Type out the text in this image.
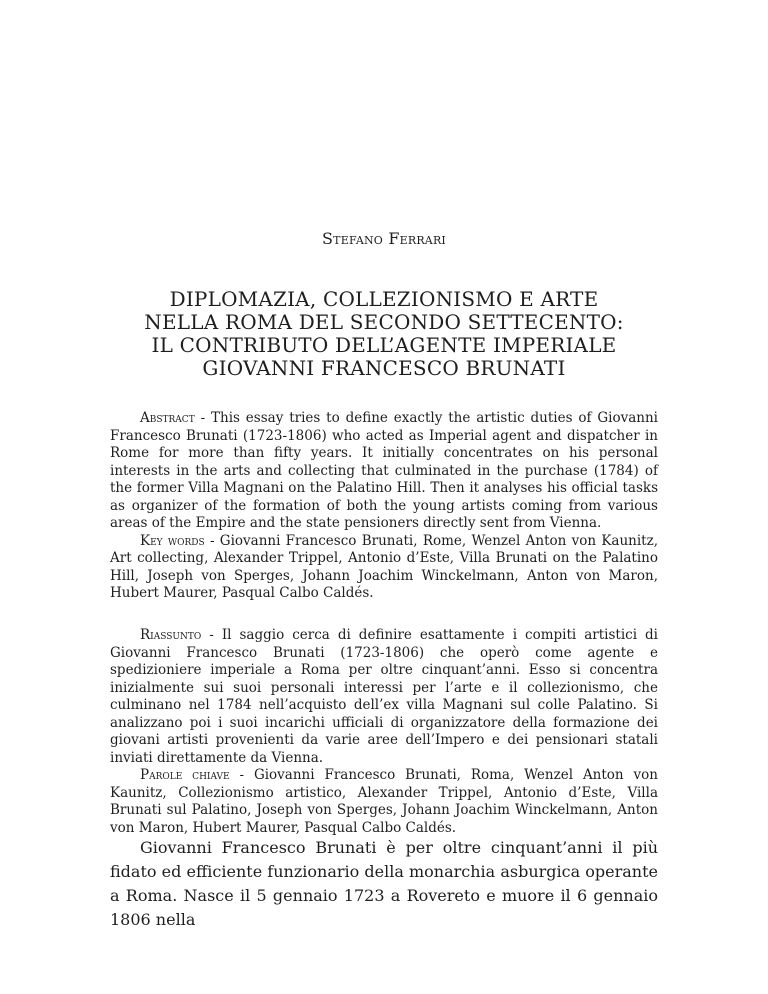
Stefano Ferrari
DIPLOMAZIA, COLLEZIONISMO E ARTE
NELLA ROMA DEL SECONDO SETTECENTO:
IL CONTRIBUTO DELL’AGENTE IMPERIALE
GIOVANNI FRANCESCO BRUNATI

Abstract - This essay tries to define exactly the artistic duties of Giovanni Francesco Brunati (1723-1806) who acted as Imperial agent and dispatcher in Rome for more than fifty years. It initially concentrates on his personal interests in the arts and collecting that culminated in the purchase (1784) of the former Villa Magnani on the Palatino Hill. Then it analyses his official tasks as organizer of the formation of both the young artists coming from various areas of the Empire and the state pensioners directly sent from Vienna.

Key words - Giovanni Francesco Brunati, Rome, Wenzel Anton von Kaunitz, Art collecting, Alexander Trippel, Antonio d’Este, Villa Brunati on the Palatino Hill, Joseph von Sperges, Johann Joachim Winckelmann, Anton von Maron, Hubert Maurer, Pasqual Calbo Caldés.

Riassunto - Il saggio cerca di definire esattamente i compiti artistici di Giovanni Francesco Brunati (1723-1806) che operò come agente e spedizioniere imperiale a Roma per oltre cinquant’anni. Esso si concentra inizialmente sui suoi personali interessi per l’arte e il collezionismo, che culminano nel 1784 nell’acquisto dell’ex villa Magnani sul colle Palatino. Si analizzano poi i suoi incarichi ufficiali di organizzatore della formazione dei giovani artisti provenienti da varie aree dell’Impero e dei pensionari statali inviati direttamente da Vienna.

Parole chiave - Giovanni Francesco Brunati, Roma, Wenzel Anton von Kaunitz, Collezionismo artistico, Alexander Trippel, Antonio d’Este, Villa Brunati sul Palatino, Joseph von Sperges, Johann Joachim Winckelmann, Anton von Maron, Hubert Maurer, Pasqual Calbo Caldés.

Giovanni Francesco Brunati è per oltre cinquant’anni il più fidato ed efficiente funzionario della monarchia asburgica operante a Roma. Nasce il 5 gennaio 1723 a Rovereto e muore il 6 gennaio 1806 nella
